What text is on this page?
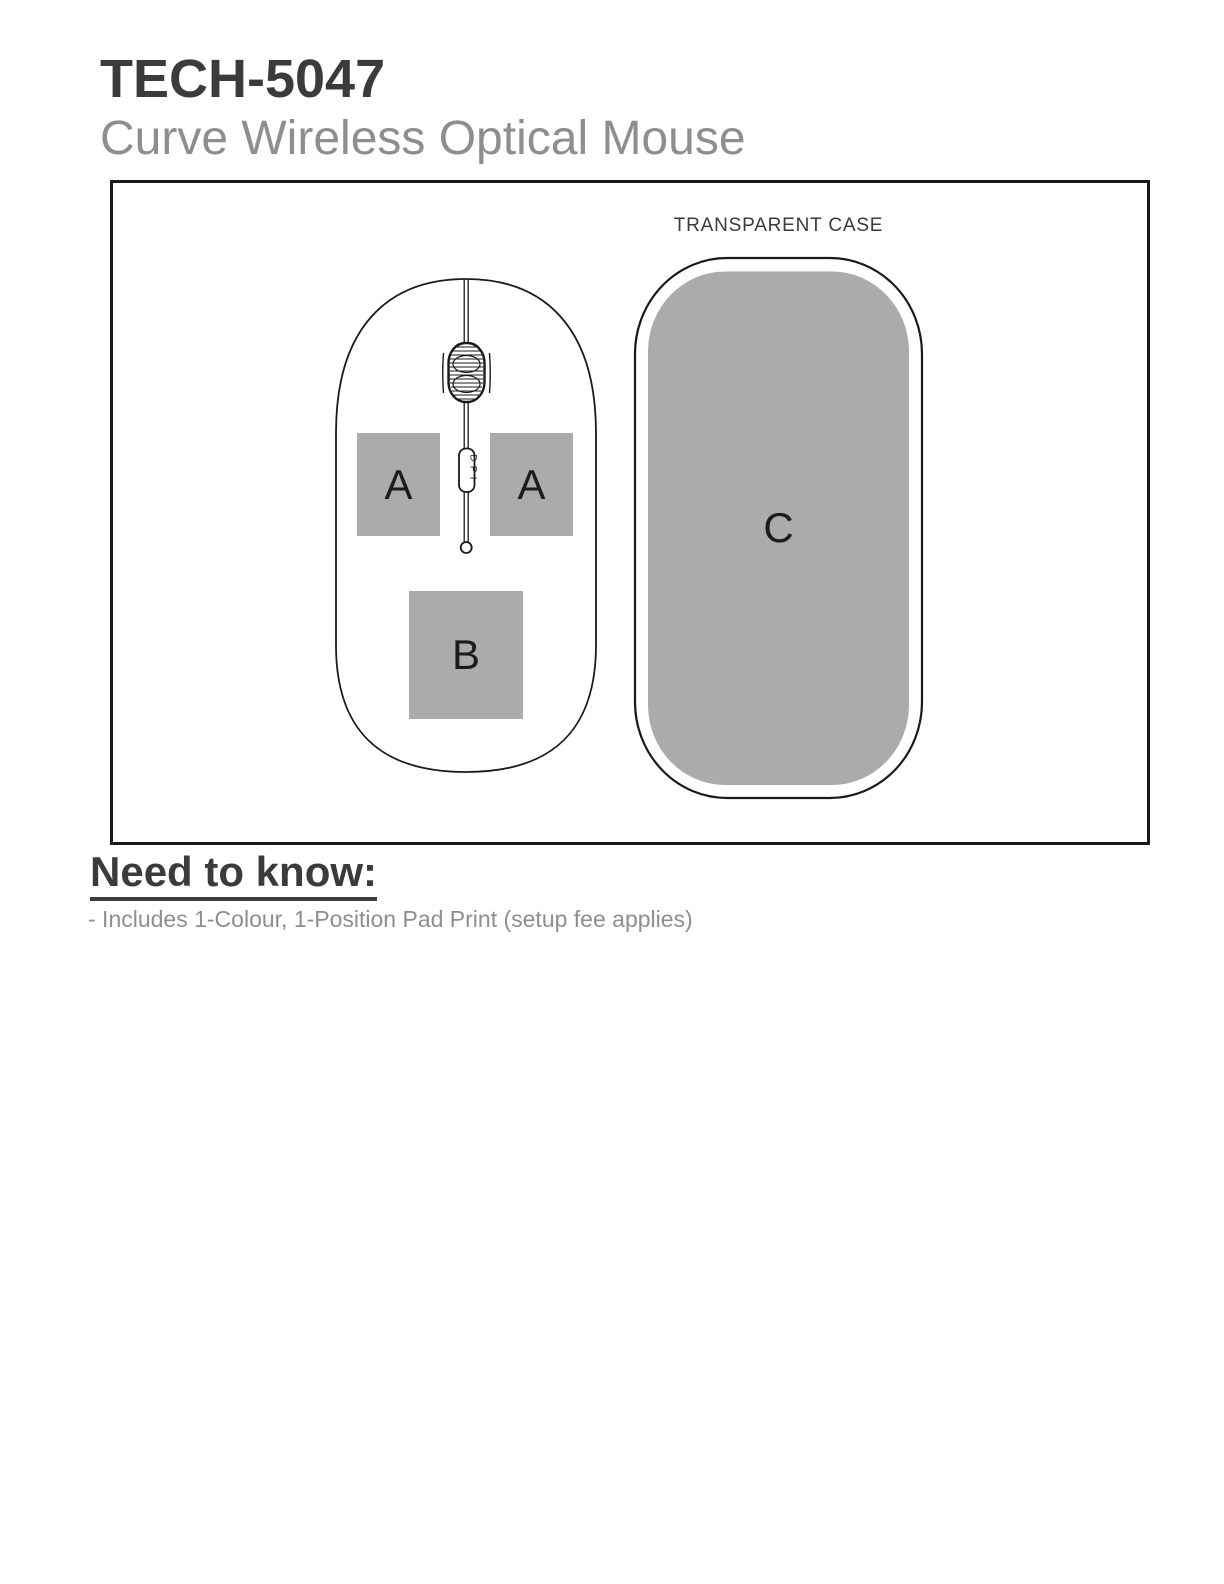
TECH-5047
Curve Wireless Optical Mouse
DPI
TRANSPARENT CASE
A A
B
C
Need to know:
- Includes 1-Colour, 1-Position Pad Print (setup fee applies)
